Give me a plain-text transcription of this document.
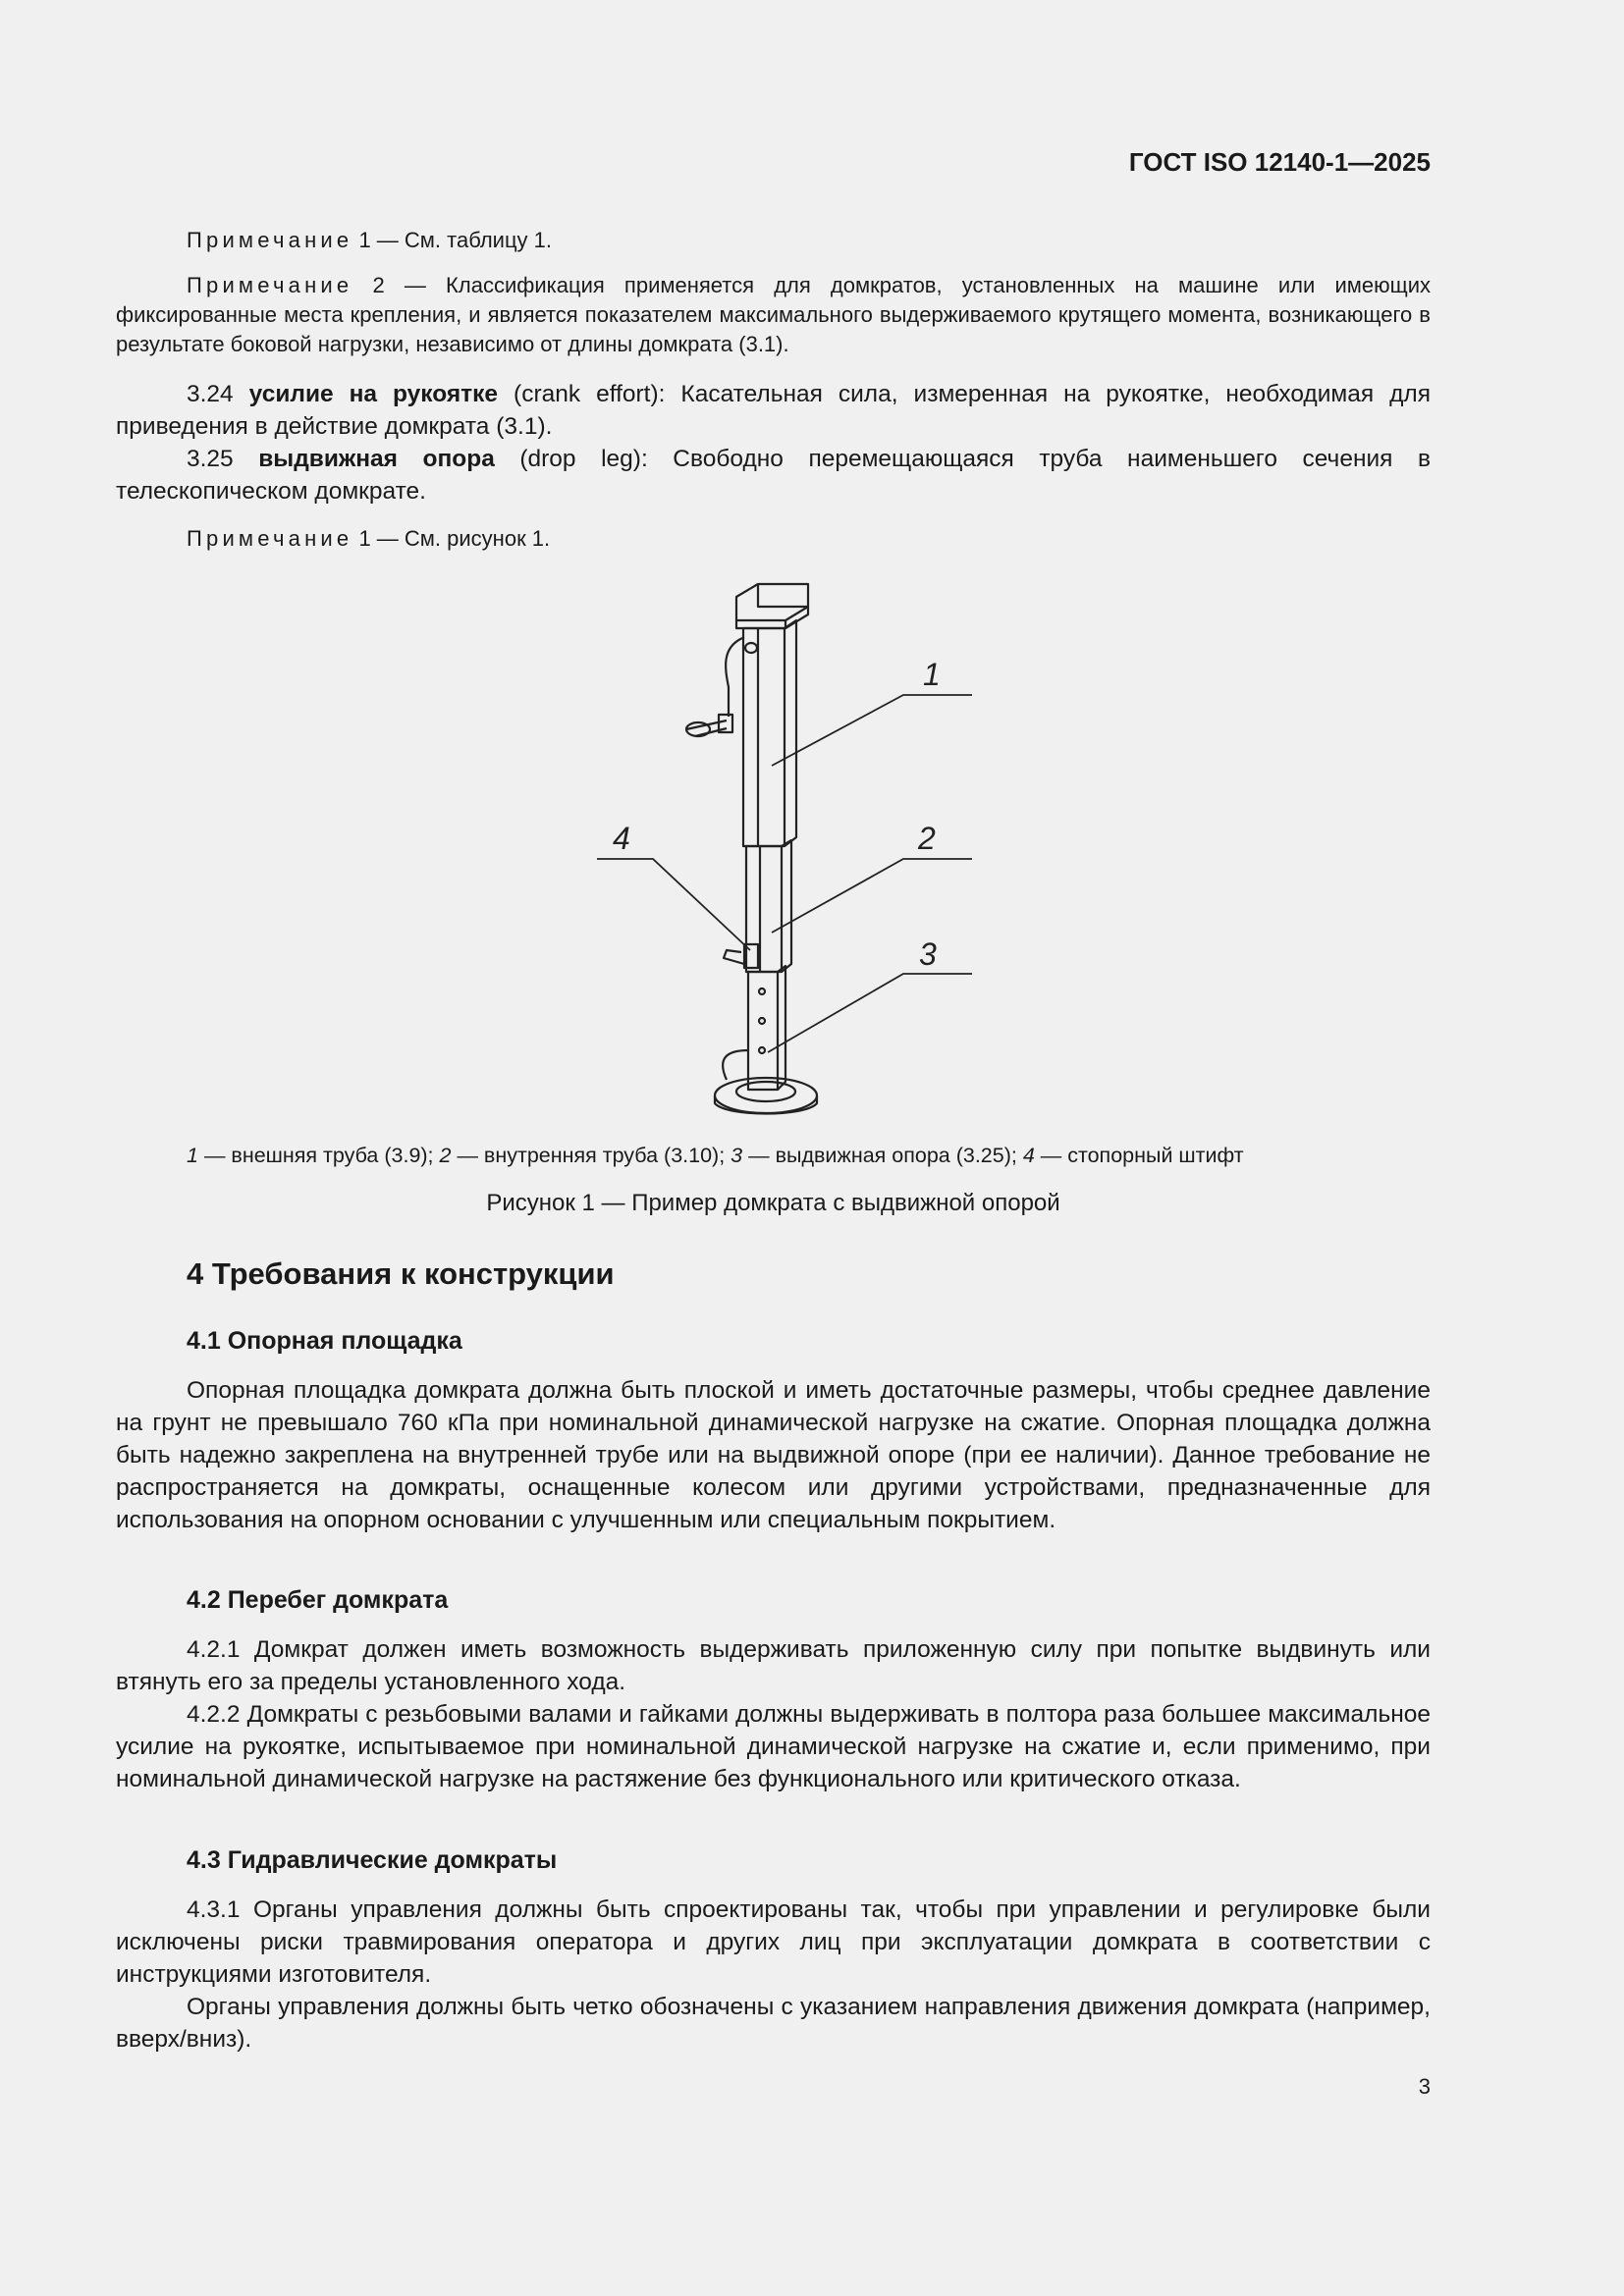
ГОСТ ISO 12140-1—2025
Примечание 1 — См. таблицу 1.
Примечание 2 — Классификация применяется для домкратов, установленных на машине или имеющих фиксированные места крепления, и является показателем максимального выдерживаемого крутящего момента, возникающего в результате боковой нагрузки, независимо от длины домкрата (3.1).
3.24 усилие на рукоятке (crank effort): Касательная сила, измеренная на рукоятке, необходимая для приведения в действие домкрата (3.1).
3.25 выдвижная опора (drop leg): Свободно перемещающаяся труба наименьшего сечения в телескопическом домкрате.
Примечание 1 — См. рисунок 1.
1
2
3
4
1 — внешняя труба (3.9); 2 — внутренняя труба (3.10); 3 — выдвижная опора (3.25); 4 — стопорный штифт
Рисунок 1 — Пример домкрата с выдвижной опорой
4 Требования к конструкции
4.1 Опорная площадка
Опорная площадка домкрата должна быть плоской и иметь достаточные размеры, чтобы среднее давление на грунт не превышало 760 кПа при номинальной динамической нагрузке на сжатие. Опорная площадка должна быть надежно закреплена на внутренней трубе или на выдвижной опоре (при ее наличии). Данное требование не распространяется на домкраты, оснащенные колесом или другими устройствами, предназначенные для использования на опорном основании с улучшенным или специальным покрытием.
4.2 Перебег домкрата
4.2.1 Домкрат должен иметь возможность выдерживать приложенную силу при попытке выдвинуть или втянуть его за пределы установленного хода.
4.2.2 Домкраты с резьбовыми валами и гайками должны выдерживать в полтора раза большее максимальное усилие на рукоятке, испытываемое при номинальной динамической нагрузке на сжатие и, если применимо, при номинальной динамической нагрузке на растяжение без функционального или критического отказа.
4.3 Гидравлические домкраты
4.3.1 Органы управления должны быть спроектированы так, чтобы при управлении и регулировке были исключены риски травмирования оператора и других лиц при эксплуатации домкрата в соответствии с инструкциями изготовителя.
Органы управления должны быть четко обозначены с указанием направления движения домкрата (например, вверх/вниз).
3
